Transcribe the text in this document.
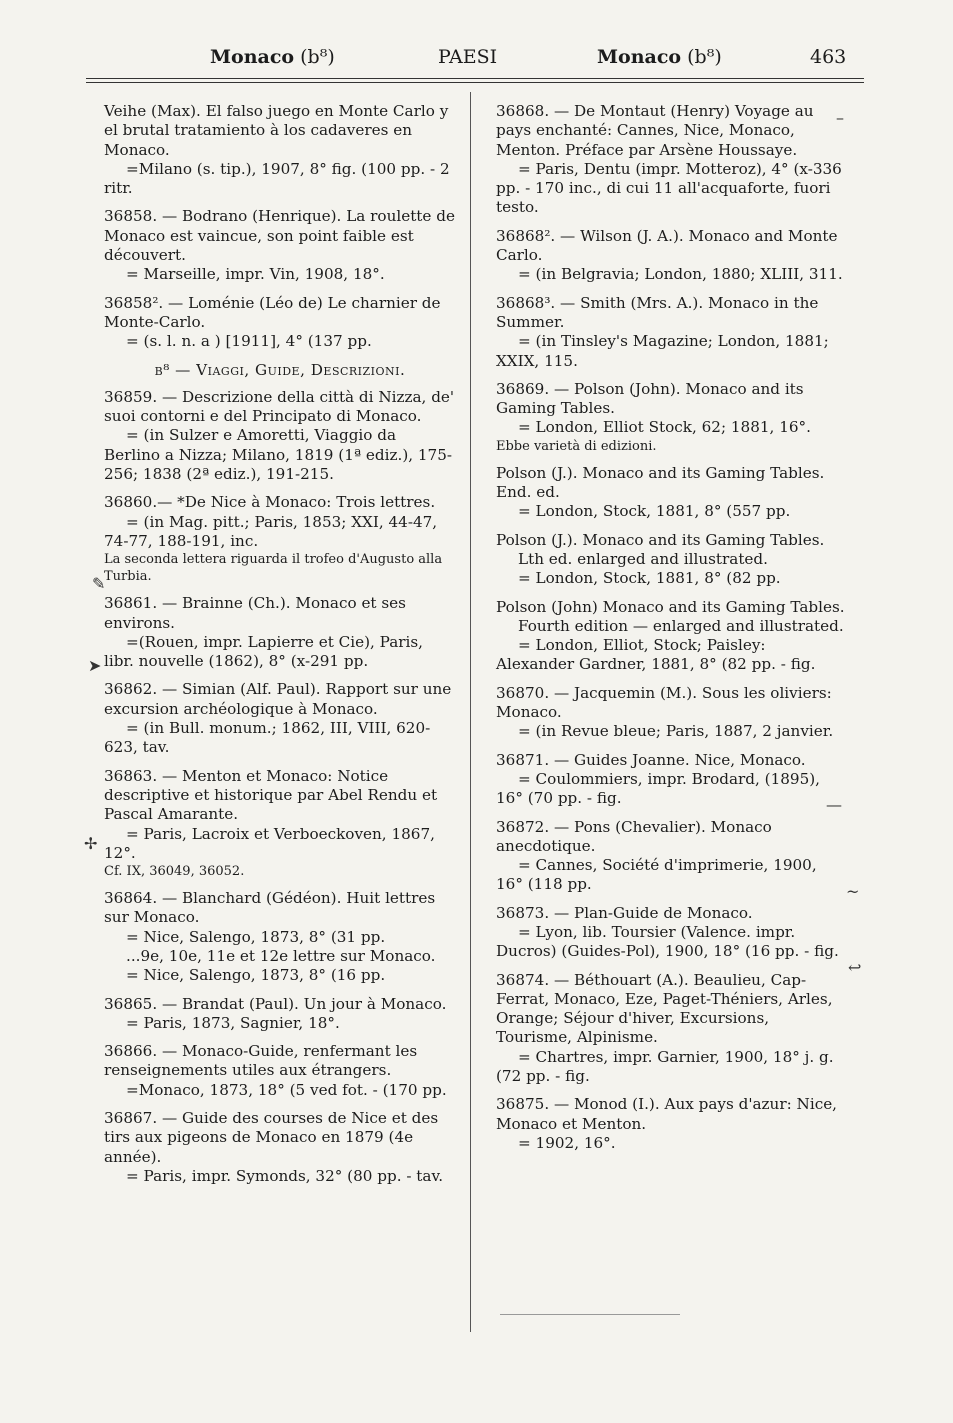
Monaco (b⁸)	PAESI	Monaco (b⁸)	463

Veihe (Max). El falso juego en Monte Carlo y el brutal tratamiento à los cadaveres en Monaco.

=Milano (s. tip.), 1907, 8° fig. (100 pp. - 2 ritr.

36858. — Bodrano (Henrique). La roulette de Monaco est vaincue, son point faible est découvert.

= Marseille, impr. Vin, 1908, 18°.

36858². — Loménie (Léo de) Le charnier de Monte-Carlo.

= (s. l. n. a ) [1911], 4° (137 pp.

b⁸ — Viaggi, Guide, Descrizioni.

36859. — Descrizione della città di Nizza, de' suoi contorni e del Principato di Monaco.

= (in Sulzer e Amoretti, Viaggio da Berlino a Nizza; Milano, 1819 (1ª ediz.), 175-256; 1838 (2ª ediz.), 191-215.

36860.— *De Nice à Monaco: Trois lettres.

= (in Mag. pitt.; Paris, 1853; XXI, 44-47, 74-77, 188-191, inc.

La seconda lettera riguarda il trofeo d'Augusto alla Turbia.

36861. — Brainne (Ch.). Monaco et ses environs.

=(Rouen, impr. Lapierre et Cie), Paris, libr. nouvelle (1862), 8° (x-291 pp.

36862. — Simian (Alf. Paul). Rapport sur une excursion archéologique à Monaco.

= (in Bull. monum.; 1862, III, VIII, 620-623, tav.

36863. — Menton et Monaco: Notice descriptive et historique par Abel Rendu et Pascal Amarante.

= Paris, Lacroix et Verboeckoven, 1867, 12°.

Cf. IX, 36049, 36052.

36864. — Blanchard (Gédéon). Huit lettres sur Monaco.

= Nice, Salengo, 1873, 8° (31 pp.

...9e, 10e, 11e et 12e lettre sur Monaco.

= Nice, Salengo, 1873, 8° (16 pp.

36865. — Brandat (Paul). Un jour à Monaco.

= Paris, 1873, Sagnier, 18°.

36866. — Monaco-Guide, renfermant les renseignements utiles aux étrangers.

=Monaco, 1873, 18° (5 ved fot. - (170 pp.

36867. — Guide des courses de Nice et des tirs aux pigeons de Monaco en 1879 (4e année).

= Paris, impr. Symonds, 32° (80 pp. - tav.

36868. — De Montaut (Henry) Voyage au pays enchanté: Cannes, Nice, Monaco, Menton. Préface par Arsène Houssaye.

= Paris, Dentu (impr. Motteroz), 4° (x-336 pp. - 170 inc., di cui 11 all'acquaforte, fuori testo.

36868². — Wilson (J. A.). Monaco and Monte Carlo.

= (in Belgravia; London, 1880; XLIII, 311.

36868³. — Smith (Mrs. A.). Monaco in the Summer.

= (in Tinsley's Magazine; London, 1881; XXIX, 115.

36869. — Polson (John). Monaco and its Gaming Tables.

= London, Elliot Stock, 62; 1881, 16°.

Ebbe varietà di edizioni.

Polson (J.). Monaco and its Gaming Tables. End. ed.

= London, Stock, 1881, 8° (557 pp.

Polson (J.). Monaco and its Gaming Tables.

Lth ed. enlarged and illustrated.

= London, Stock, 1881, 8° (82 pp.

Polson (John) Monaco and its Gaming Tables.

Fourth edition — enlarged and illustrated.

= London, Elliot, Stock; Paisley: Alexander Gardner, 1881, 8° (82 pp. - fig.

36870. — Jacquemin (M.). Sous les oliviers: Monaco.

= (in Revue bleue; Paris, 1887, 2 janvier.

36871. — Guides Joanne. Nice, Monaco.

= Coulommiers, impr. Brodard, (1895), 16° (70 pp. - fig.

36872. — Pons (Chevalier). Monaco anecdotique.

= Cannes, Société d'imprimerie, 1900, 16° (118 pp.

36873. — Plan-Guide de Monaco.

= Lyon, lib. Toursier (Valence. impr. Ducros) (Guides-Pol), 1900, 18° (16 pp. - fig.

36874. — Béthouart (A.). Beaulieu, Cap-Ferrat, Monaco, Eze, Paget-Théniers, Arles, Orange; Séjour d'hiver, Excursions, Tourisme, Alpinisme.

= Chartres, impr. Garnier, 1900, 18° j. g. (72 pp. - fig.

36875. — Monod (I.). Aux pays d'azur: Nice, Monaco et Menton.

= 1902, 16°.

✎
➤
✢
–
—
~
↩
